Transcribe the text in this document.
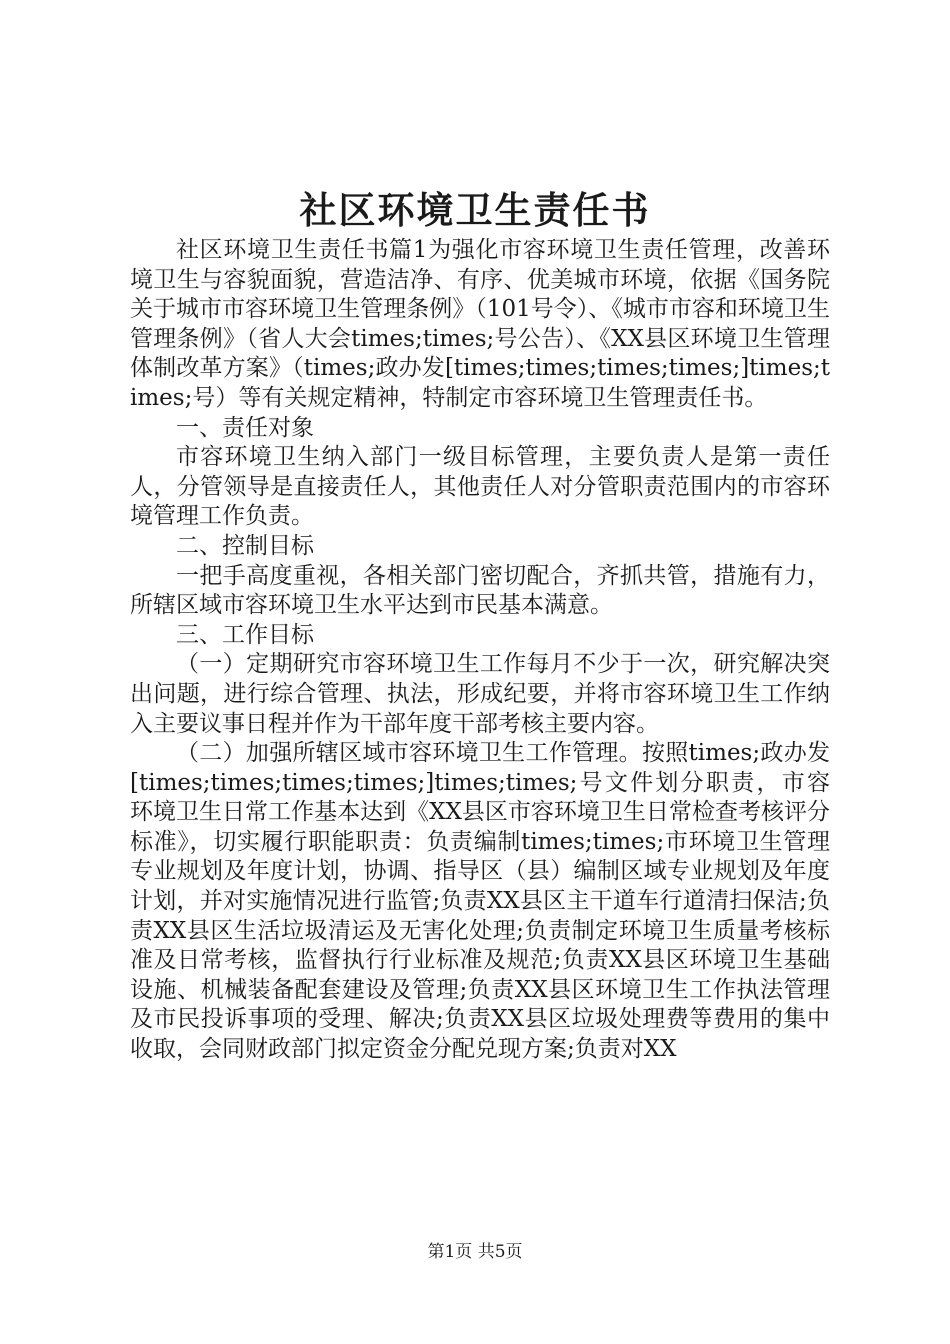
社区环境卫生责任书

社区环境卫生责任书篇1为强化市容环境卫生责任管理，改善环境卫生与容貌面貌，营造洁净、有序、优美城市环境，依据《国务院关于城市市容环境卫生管理条例》（101号令）、《城市市容和环境卫生管理条例》（省人大会times;times;号公告）、《XX县区环境卫生管理体制改革方案》（times;政办发[times;times;times;times;]times;times;号）等有关规定精神，特制定市容环境卫生管理责任书。

一、责任对象

市容环境卫生纳入部门一级目标管理，主要负责人是第一责任人，分管领导是直接责任人，其他责任人对分管职责范围内的市容环境管理工作负责。

二、控制目标

一把手高度重视，各相关部门密切配合，齐抓共管，措施有力，所辖区域市容环境卫生水平达到市民基本满意。

三、工作目标

（一）定期研究市容环境卫生工作每月不少于一次，研究解决突出问题，进行综合管理、执法，形成纪要，并将市容环境卫生工作纳入主要议事日程并作为干部年度干部考核主要内容。

（二）加强所辖区域市容环境卫生工作管理。按照times;政办发[times;times;times;times;]times;times;号文件划分职责，市容环境卫生日常工作基本达到《XX县区市容环境卫生日常检查考核评分标准》，切实履行职能职责：负责编制times;times;市环境卫生管理专业规划及年度计划，协调、指导区（县）编制区域专业规划及年度计划，并对实施情况进行监管;负责XX县区主干道车行道清扫保洁;负责XX县区生活垃圾清运及无害化处理;负责制定环境卫生质量考核标准及日常考核，监督执行行业标准及规范;负责XX县区环境卫生基础设施、机械装备配套建设及管理;负责XX县区环境卫生工作执法管理及市民投诉事项的受理、解决;负责XX县区垃圾处理费等费用的集中收取，会同财政部门拟定资金分配兑现方案;负责对XX

第1页 共5页
